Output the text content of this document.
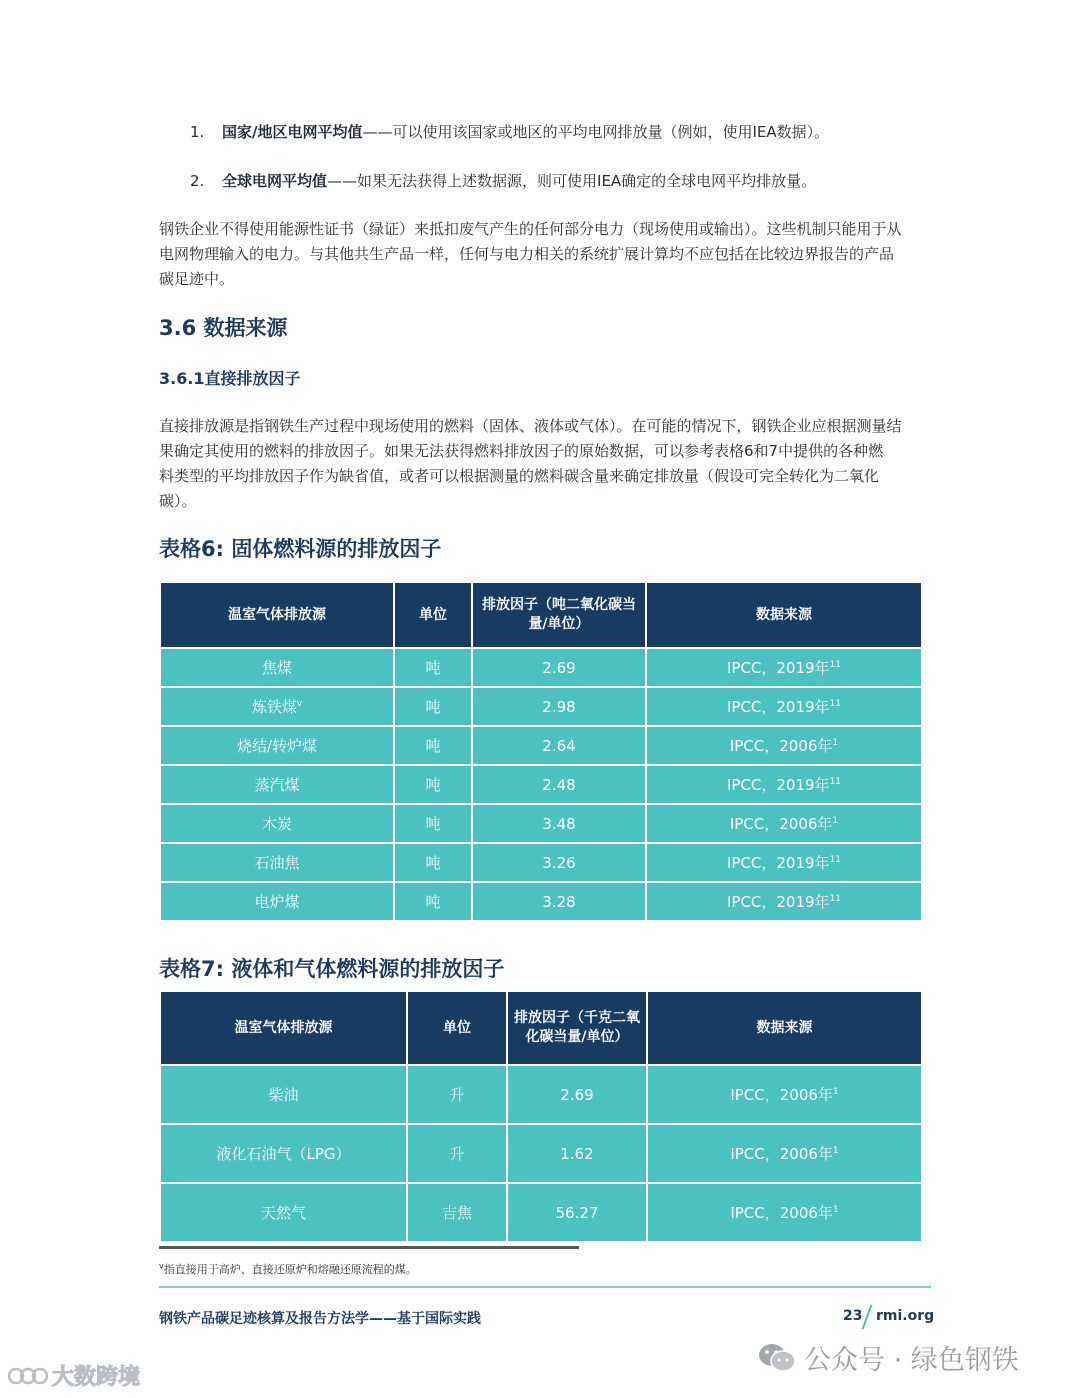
1. 国家/地区电网平均值——可以使用该国家或地区的平均电网排放量（例如，使用IEA数据）。
2. 全球电网平均值——如果无法获得上述数据源，则可使用IEA确定的全球电网平均排放量。

钢铁企业不得使用能源性证书（绿证）来抵扣废气产生的任何部分电力（现场使用或输出）。这些机制只能用于从

电网物理输入的电力。与其他共生产品一样，任何与电力相关的系统扩展计算均不应包括在比较边界报告的产品

碳足迹中。

3.6 数据来源
3.6.1直接排放因子

直接排放源是指钢铁生产过程中现场使用的燃料（固体、液体或气体）。在可能的情况下，钢铁企业应根据测量结

果确定其使用的燃料的排放因子。如果无法获得燃料排放因子的原始数据，可以参考表格6和7中提供的各种燃

料类型的平均排放因子作为缺省值，或者可以根据测量的燃料碳含量来确定排放量（假设可完全转化为二氧化

碳）。

表格6: 固体燃料源的排放因子
温室气体排放源	单位	排放因子（吨二氧化碳当量/单位）	数据来源
焦煤	吨	2.69	IPCC，2019年$^{11}$
炼铁煤$^v$	吨	2.98	IPCC，2019年$^{11}$
烧结/转炉煤	吨	2.64	IPCC，2006年$^1$
蒸汽煤	吨	2.48	IPCC，2019年$^{11}$
木炭	吨	3.48	IPCC，2006年$^1$
石油焦	吨	3.26	IPCC，2019年$^{11}$
电炉煤	吨	3.28	IPCC，2019年$^{11}$
表格7: 液体和气体燃料源的排放因子
温室气体排放源	单位	排放因子（千克二氧化碳当量/单位）	数据来源
柴油	升	2.69	IPCC，2006年$^1$
液化石油气（LPG）	升	1.62	IPCC，2006年$^1$
天然气	吉焦	56.27	IPCC，2006年$^1$
$^v$指直接用于高炉、直接还原炉和熔融还原流程的煤。
钢铁产品碳足迹核算及报告方法学——基于国际实践	23 rmi.org
公众号 · 绿色钢铁
大数跨境
